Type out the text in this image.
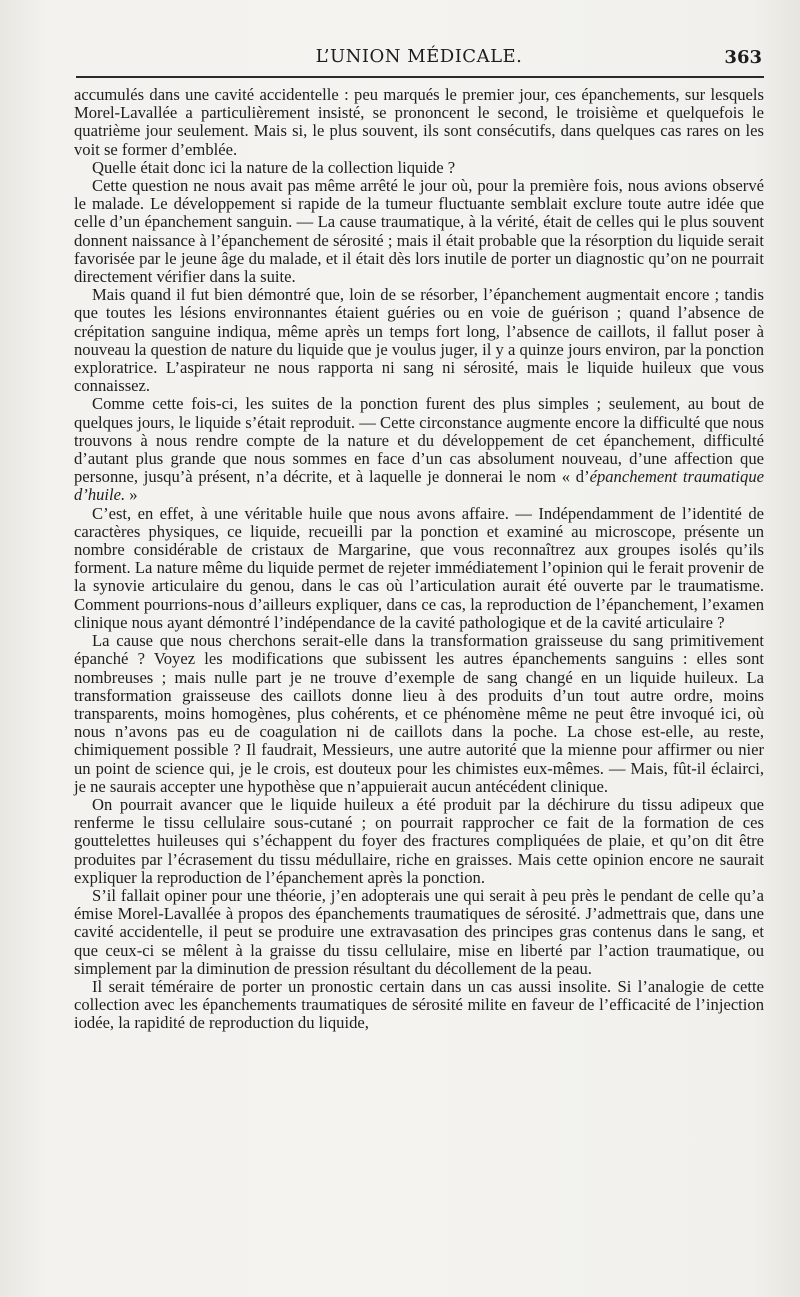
L’UNION MÉDICALE.	363

accumulés dans une cavité accidentelle : peu marqués le premier jour, ces épanchements, sur lesquels Morel-Lavallée a particulièrement insisté, se prononcent le second, le troisième et quelquefois le quatrième jour seulement. Mais si, le plus souvent, ils sont consécutifs, dans quelques cas rares on les voit se former d’emblée.

Quelle était donc ici la nature de la collection liquide ?

Cette question ne nous avait pas même arrêté le jour où, pour la première fois, nous avions observé le malade. Le développement si rapide de la tumeur fluctuante semblait exclure toute autre idée que celle d’un épanchement sanguin. — La cause traumatique, à la vérité, était de celles qui le plus souvent donnent naissance à l’épanchement de sérosité ; mais il était probable que la résorption du liquide serait favorisée par le jeune âge du malade, et il était dès lors inutile de porter un diagnostic qu’on ne pourrait directement vérifier dans la suite.

Mais quand il fut bien démontré que, loin de se résorber, l’épanchement augmentait encore ; tandis que toutes les lésions environnantes étaient guéries ou en voie de guérison ; quand l’absence de crépitation sanguine indiqua, même après un temps fort long, l’absence de caillots, il fallut poser à nouveau la question de nature du liquide que je voulus juger, il y a quinze jours environ, par la ponction exploratrice. L’aspirateur ne nous rapporta ni sang ni sérosité, mais le liquide huileux que vous connaissez.

Comme cette fois-ci, les suites de la ponction furent des plus simples ; seulement, au bout de quelques jours, le liquide s’était reproduit. — Cette circonstance augmente encore la difficulté que nous trouvons à nous rendre compte de la nature et du développement de cet épanchement, difficulté d’autant plus grande que nous sommes en face d’un cas absolument nouveau, d’une affection que personne, jusqu’à présent, n’a décrite, et à laquelle je donnerai le nom « d’épanchement traumatique d’huile. »

C’est, en effet, à une véritable huile que nous avons affaire. — Indépendamment de l’identité de caractères physiques, ce liquide, recueilli par la ponction et examiné au microscope, présente un nombre considérable de cristaux de Margarine, que vous reconnaîtrez aux groupes isolés qu’ils forment. La nature même du liquide permet de rejeter immédiatement l’opinion qui le ferait provenir de la synovie articulaire du genou, dans le cas où l’articulation aurait été ouverte par le traumatisme. Comment pourrions-nous d’ailleurs expliquer, dans ce cas, la reproduction de l’épanchement, l’examen clinique nous ayant démontré l’indépendance de la cavité pathologique et de la cavité articulaire ?

La cause que nous cherchons serait-elle dans la transformation graisseuse du sang primitivement épanché ? Voyez les modifications que subissent les autres épanchements sanguins : elles sont nombreuses ; mais nulle part je ne trouve d’exemple de sang changé en un liquide huileux. La transformation graisseuse des caillots donne lieu à des produits d’un tout autre ordre, moins transparents, moins homogènes, plus cohérents, et ce phénomène même ne peut être invoqué ici, où nous n’avons pas eu de coagulation ni de caillots dans la poche. La chose est-elle, au reste, chimiquement possible ? Il faudrait, Messieurs, une autre autorité que la mienne pour affirmer ou nier un point de science qui, je le crois, est douteux pour les chimistes eux-mêmes. — Mais, fût-il éclairci, je ne saurais accepter une hypothèse que n’appuierait aucun antécédent clinique.

On pourrait avancer que le liquide huileux a été produit par la déchirure du tissu adipeux que renferme le tissu cellulaire sous-cutané ; on pourrait rapprocher ce fait de la formation de ces gouttelettes huileuses qui s’échappent du foyer des fractures compliquées de plaie, et qu’on dit être produites par l’écrasement du tissu médullaire, riche en graisses. Mais cette opinion encore ne saurait expliquer la reproduction de l’épanchement après la ponction.

S’il fallait opiner pour une théorie, j’en adopterais une qui serait à peu près le pendant de celle qu’a émise Morel-Lavallée à propos des épanchements traumatiques de sérosité. J’admettrais que, dans une cavité accidentelle, il peut se produire une extravasation des principes gras contenus dans le sang, et que ceux-ci se mêlent à la graisse du tissu cellulaire, mise en liberté par l’action traumatique, ou simplement par la diminution de pression résultant du décollement de la peau.

Il serait téméraire de porter un pronostic certain dans un cas aussi insolite. Si l’analogie de cette collection avec les épanchements traumatiques de sérosité milite en faveur de l’efficacité de l’injection iodée, la rapidité de reproduction du liquide,
